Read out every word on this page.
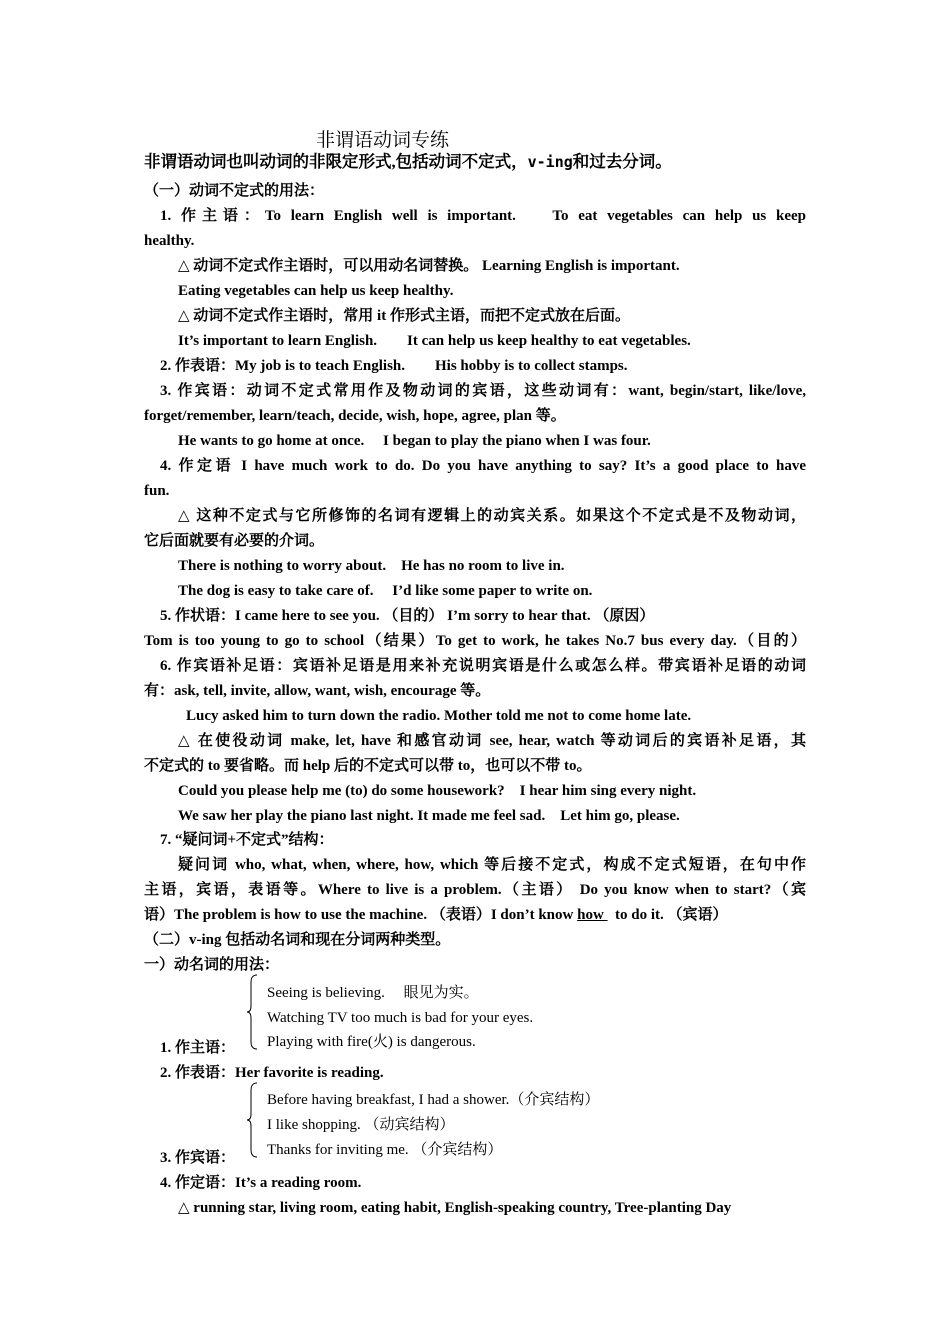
非谓语动词专练
非谓语动词也叫动词的非限定形式,包括动词不定式，v-ing和过去分词。
（一）动词不定式的用法：
1. 作主语：To learn English well is important.　 To eat vegetables can help us keep
healthy.
△ 动词不定式作主语时，可以用动名词替换。 Learning English is important.
Eating vegetables can help us keep healthy.
△ 动词不定式作主语时，常用 it 作形式主语，而把不定式放在后面。
It’s important to learn English.　　It can help us keep healthy to eat vegetables.
2. 作表语：My job is to teach English.　　His hobby is to collect stamps.
3. 作宾语：动词不定式常用作及物动词的宾语，这些动词有：want, begin/start, like/love,
forget/remember, learn/teach, decide, wish, hope, agree, plan 等。
He wants to go home at once.　 I began to play the piano when I was four.
4. 作定语 I have much work to do. Do you have anything to say? It’s a good place to have
fun.
△ 这种不定式与它所修饰的名词有逻辑上的动宾关系。如果这个不定式是不及物动词，
它后面就要有必要的介词。
There is nothing to worry about.　He has no room to live in.
The dog is easy to take care of.　 I’d like some paper to write on.
5. 作状语：I came here to see you. （目的） I’m sorry to hear that. （原因）
Tom is too young to go to school（结果）To get to work, he takes No.7 bus every day.（目的）
6. 作宾语补足语：宾语补足语是用来补充说明宾语是什么或怎么样。带宾语补足语的动词
有：ask, tell, invite, allow, want, wish, encourage 等。
Lucy asked him to turn down the radio. Mother told me not to come home late.
△ 在使役动词 make, let, have 和感官动词 see, hear, watch 等动词后的宾语补足语，其
不定式的 to 要省略。而 help 后的不定式可以带 to，也可以不带 to。
Could you please help me (to) do some housework?　I hear him sing every night.
We saw her play the piano last night. It made me feel sad.　Let him go, please.
7. “疑问词+不定式”结构：
疑问词 who, what, when, where, how, which 等后接不定式，构成不定式短语，在句中作
主语，宾语，表语等。Where to live is a problem.（主语） Do you know when to start?（宾
语）The problem is how to use the machine. （表语）I don’t know how   to do it. （宾语）
（二）v-ing 包括动名词和现在分词两种类型。
一）动名词的用法：
Seeing is believing.　 眼见为实。
Watching TV too much is bad for your eyes.
Playing with fire(火) is dangerous.
1. 作主语：
2. 作表语：Her favorite is reading.
Before having breakfast, I had a shower.（介宾结构）
I like shopping. （动宾结构）
Thanks for inviting me. （介宾结构）
3. 作宾语：
4. 作定语：It’s a reading room.
△ running star, living room, eating habit, English-speaking country, Tree-planting Day
